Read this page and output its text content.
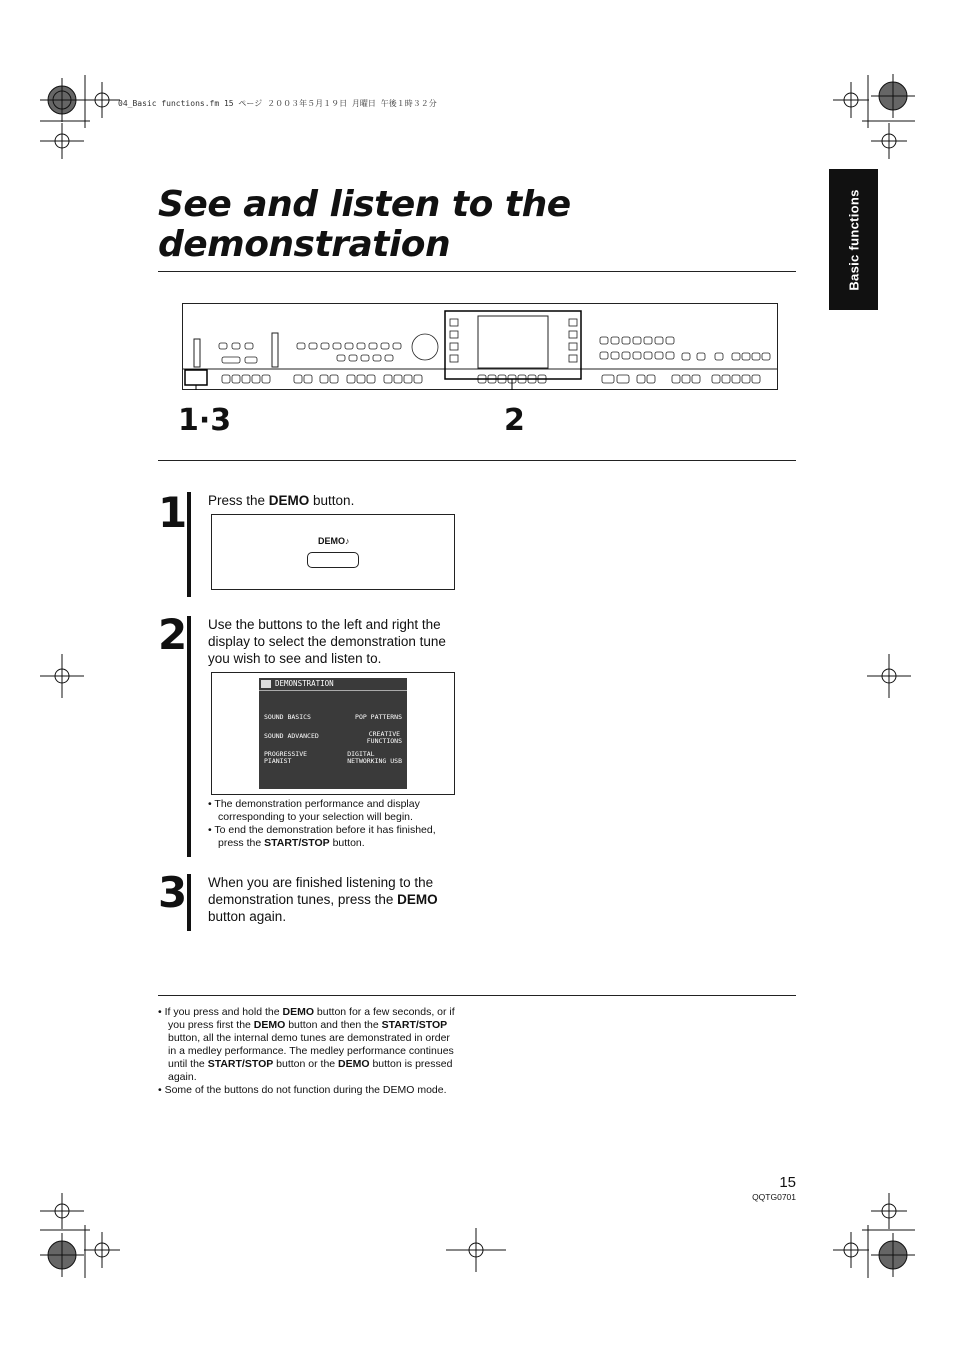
04_Basic functions.fm 15 ページ ２００３年５月１９日 月曜日 午後１時３２分
Basic functions
See and listen to the demonstration
1·3	2
1 Press the DEMO button.
DEMO♪
2 Use the buttons to the left and right the display to select the demonstration tune you wish to see and listen to.
DEMONSTRATION
SOUND BASICS
SOUND ADVANCED
PROGRESSIVE
PIANIST
POP PATTERNS
CREATIVE
FUNCTIONS
DIGITAL
NETWORKING USB
• The demonstration performance and display corresponding to your selection will begin.
• To end the demonstration before it has finished, press the START/STOP button.
3 When you are finished listening to the demonstration tunes, press the DEMO button again.
• If you press and hold the DEMO button for a few seconds, or if you press first the DEMO button and then the START/STOP button, all the internal demo tunes are demonstrated in order in a medley performance. The medley performance continues until the START/STOP button or the DEMO button is pressed again.
• Some of the buttons do not function during the DEMO mode.
15
QQTG0701
